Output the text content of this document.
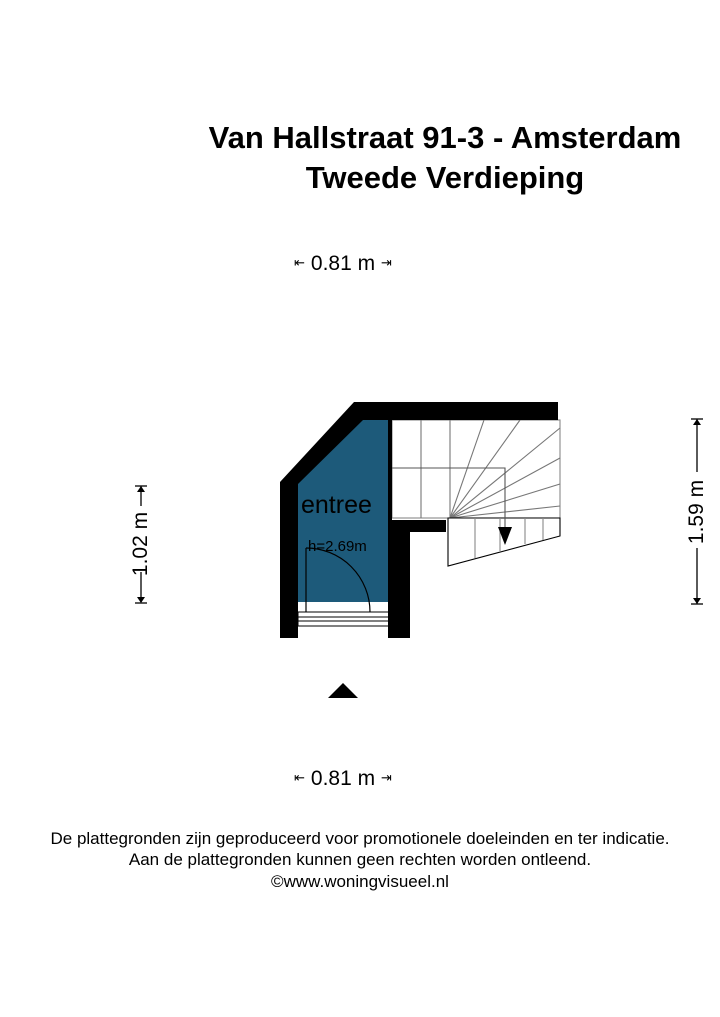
Van Hallstraat 91-3 - Amsterdam
Tweede Verdieping
⇤ 0.81 m ⇥
⇤ 0.81 m ⇥
1.02 m	1.59 m
entree
h=2.69m
De plattegronden zijn geproduceerd voor promotionele doeleinden en ter indicatie.
Aan de plattegronden kunnen geen rechten worden ontleend.
©www.woningvisueel.nl
